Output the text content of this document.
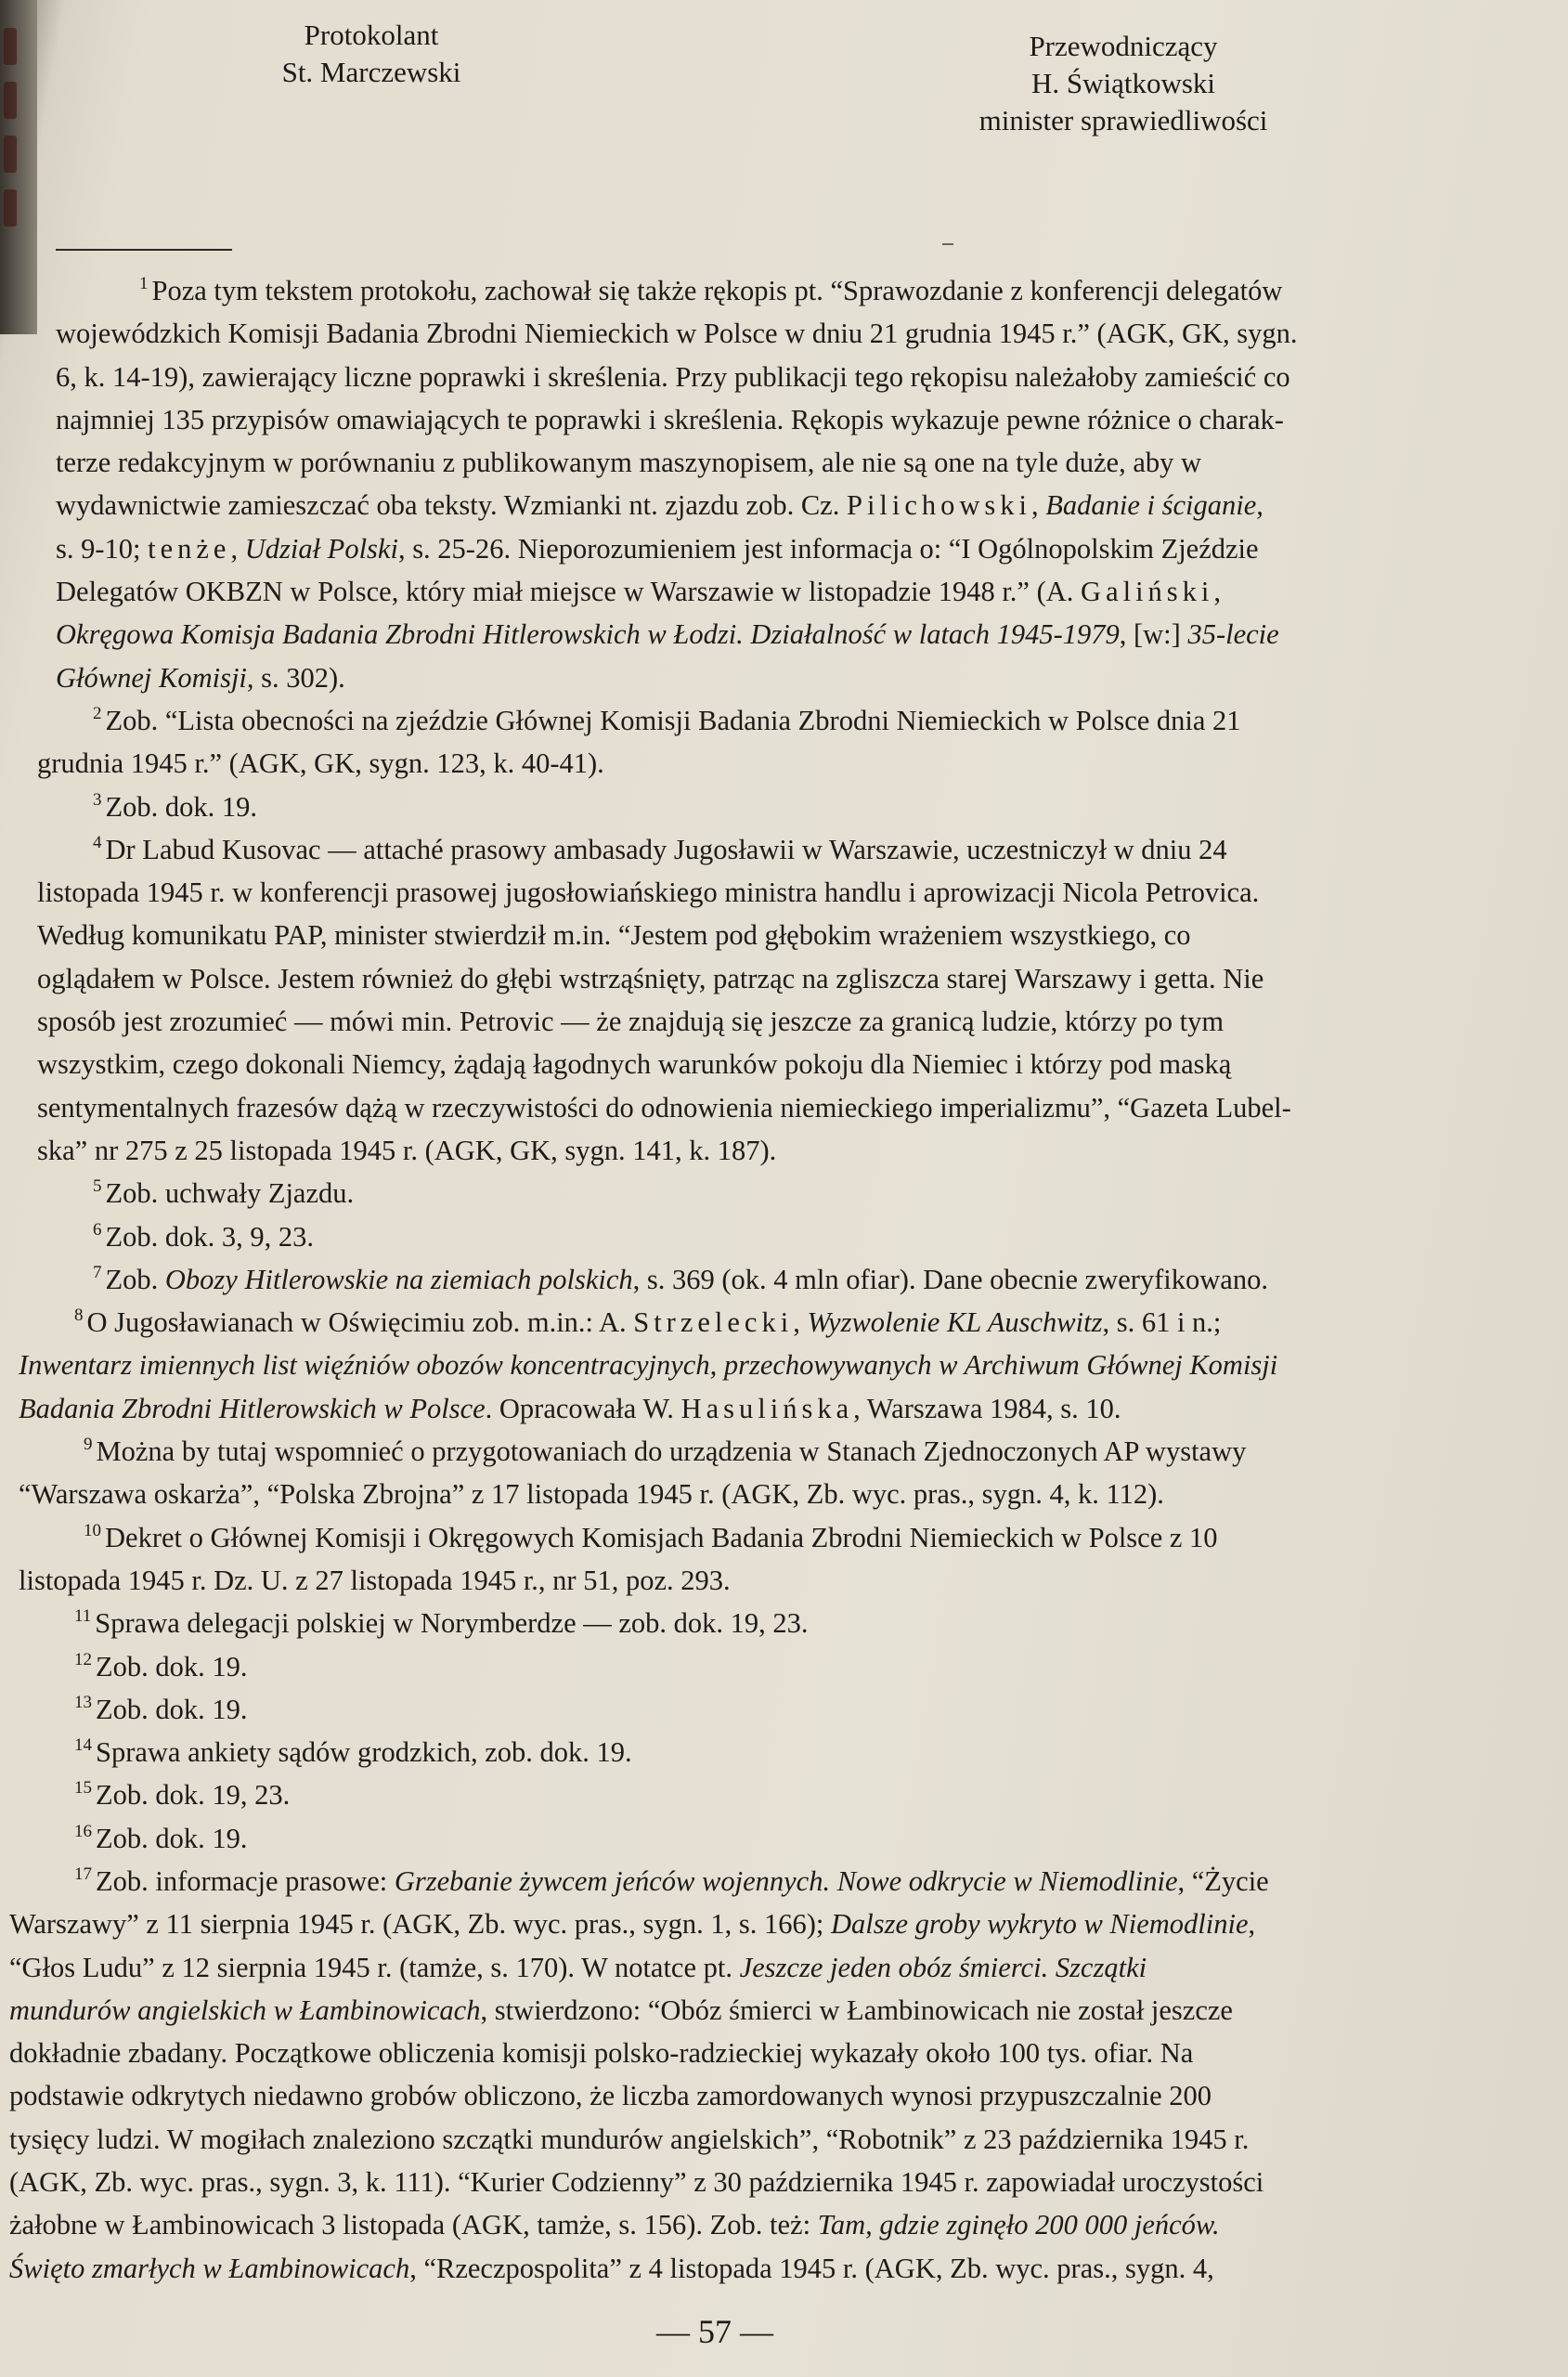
Protokolant
St. Marczewski
Przewodniczący
H. Świątkowski
minister sprawiedliwości
$^1$ Poza tym tekstem protokołu, zachował się także rękopis pt. “Sprawozdanie z konferencji delegatów
wojewódzkich Komisji Badania Zbrodni Niemieckich w Polsce w dniu 21 grudnia 1945 r.” (AGK, GK, sygn.
6, k. 14-19), zawierający liczne poprawki i skreślenia. Przy publikacji tego rękopisu należałoby zamieścić co
najmniej 135 przypisów omawiających te poprawki i skreślenia. Rękopis wykazuje pewne różnice o charak-
terze redakcyjnym w porównaniu z publikowanym maszynopisem, ale nie są one na tyle duże, aby w
wydawnictwie zamieszczać oba teksty. Wzmianki nt. zjazdu zob. Cz. Pilichowski, Badanie i ściganie,
s. 9-10; tenże, Udział Polski, s. 25-26. Nieporozumieniem jest informacja o: “I Ogólnopolskim Zjeździe
Delegatów OKBZN w Polsce, który miał miejsce w Warszawie w listopadzie 1948 r.” (A. Galiński,
Okręgowa Komisja Badania Zbrodni Hitlerowskich w Łodzi. Działalność w latach 1945-1979, [w:] 35-lecie
Głównej Komisji, s. 302).
$^2$ Zob. “Lista obecności na zjeździe Głównej Komisji Badania Zbrodni Niemieckich w Polsce dnia 21
grudnia 1945 r.” (AGK, GK, sygn. 123, k. 40-41).
$^3$ Zob. dok. 19.
$^4$ Dr Labud Kusovac — attaché prasowy ambasady Jugosławii w Warszawie, uczestniczył w dniu 24
listopada 1945 r. w konferencji prasowej jugosłowiańskiego ministra handlu i aprowizacji Nicola Petrovica.
Według komunikatu PAP, minister stwierdził m.in. “Jestem pod głębokim wrażeniem wszystkiego, co
oglądałem w Polsce. Jestem również do głębi wstrząśnięty, patrząc na zgliszcza starej Warszawy i getta. Nie
sposób jest zrozumieć — mówi min. Petrovic — że znajdują się jeszcze za granicą ludzie, którzy po tym
wszystkim, czego dokonali Niemcy, żądają łagodnych warunków pokoju dla Niemiec i którzy pod maską
sentymentalnych frazesów dążą w rzeczywistości do odnowienia niemieckiego imperializmu”, “Gazeta Lubel-
ska” nr 275 z 25 listopada 1945 r. (AGK, GK, sygn. 141, k. 187).
$^5$ Zob. uchwały Zjazdu.
$^6$ Zob. dok. 3, 9, 23.
$^7$ Zob. Obozy Hitlerowskie na ziemiach polskich, s. 369 (ok. 4 mln ofiar). Dane obecnie zweryfikowano.
$^8$ O Jugosławianach w Oświęcimiu zob. m.in.: A. Strzelecki, Wyzwolenie KL Auschwitz, s. 61 i n.;
Inwentarz imiennych list więźniów obozów koncentracyjnych, przechowywanych w Archiwum Głównej Komisji
Badania Zbrodni Hitlerowskich w Polsce. Opracowała W. Hasulińska, Warszawa 1984, s. 10.
$^9$ Można by tutaj wspomnieć o przygotowaniach do urządzenia w Stanach Zjednoczonych AP wystawy
“Warszawa oskarża”, “Polska Zbrojna” z 17 listopada 1945 r. (AGK, Zb. wyc. pras., sygn. 4, k. 112).
$^{10}$ Dekret o Głównej Komisji i Okręgowych Komisjach Badania Zbrodni Niemieckich w Polsce z 10
listopada 1945 r. Dz. U. z 27 listopada 1945 r., nr 51, poz. 293.
$^{11}$ Sprawa delegacji polskiej w Norymberdze — zob. dok. 19, 23.
$^{12}$ Zob. dok. 19.
$^{13}$ Zob. dok. 19.
$^{14}$ Sprawa ankiety sądów grodzkich, zob. dok. 19.
$^{15}$ Zob. dok. 19, 23.
$^{16}$ Zob. dok. 19.
$^{17}$ Zob. informacje prasowe: Grzebanie żywcem jeńców wojennych. Nowe odkrycie w Niemodlinie, “Życie
Warszawy” z 11 sierpnia 1945 r. (AGK, Zb. wyc. pras., sygn. 1, s. 166); Dalsze groby wykryto w Niemodlinie,
“Głos Ludu” z 12 sierpnia 1945 r. (tamże, s. 170). W notatce pt. Jeszcze jeden obóz śmierci. Szczątki
mundurów angielskich w Łambinowicach, stwierdzono: “Obóz śmierci w Łambinowicach nie został jeszcze
dokładnie zbadany. Początkowe obliczenia komisji polsko-radzieckiej wykazały około 100 tys. ofiar. Na
podstawie odkrytych niedawno grobów obliczono, że liczba zamordowanych wynosi przypuszczalnie 200
tysięcy ludzi. W mogiłach znaleziono szczątki mundurów angielskich”, “Robotnik” z 23 października 1945 r.
(AGK, Zb. wyc. pras., sygn. 3, k. 111). “Kurier Codzienny” z 30 października 1945 r. zapowiadał uroczystości
żałobne w Łambinowicach 3 listopada (AGK, tamże, s. 156). Zob. też: Tam, gdzie zginęło 200 000 jeńców.
Święto zmarłych w Łambinowicach, “Rzeczpospolita” z 4 listopada 1945 r. (AGK, Zb. wyc. pras., sygn. 4,
— 57 —
